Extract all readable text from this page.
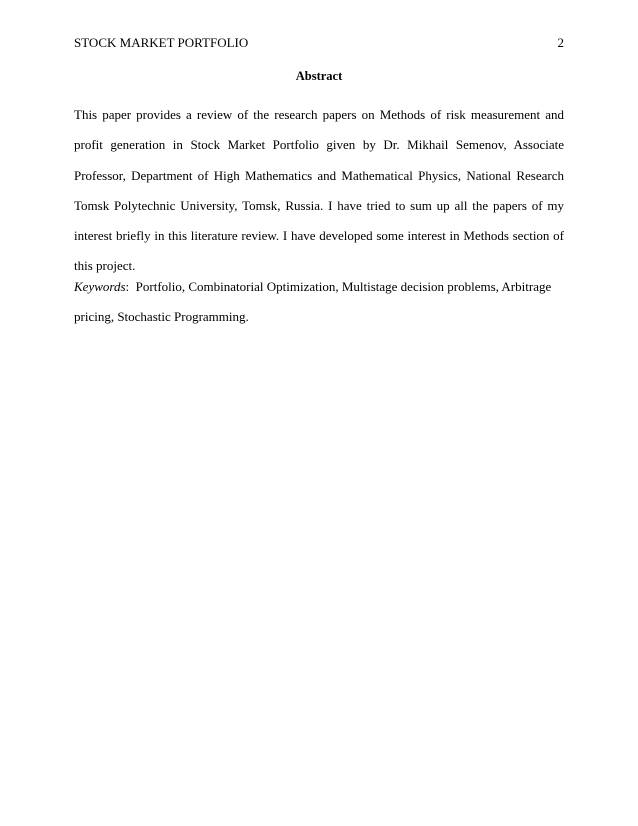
STOCK MARKET PORTFOLIO	2
Abstract

This paper provides a review of the research papers on Methods of risk measurement and profit generation in Stock Market Portfolio given by Dr. Mikhail Semenov, Associate Professor, Department of High Mathematics and Mathematical Physics, National Research Tomsk Polytechnic University, Tomsk, Russia. I have tried to sum up all the papers of my interest briefly in this literature review. I have developed some interest in Methods section of this project.

Keywords: Portfolio, Combinatorial Optimization, Multistage decision problems, Arbitrage pricing, Stochastic Programming.
